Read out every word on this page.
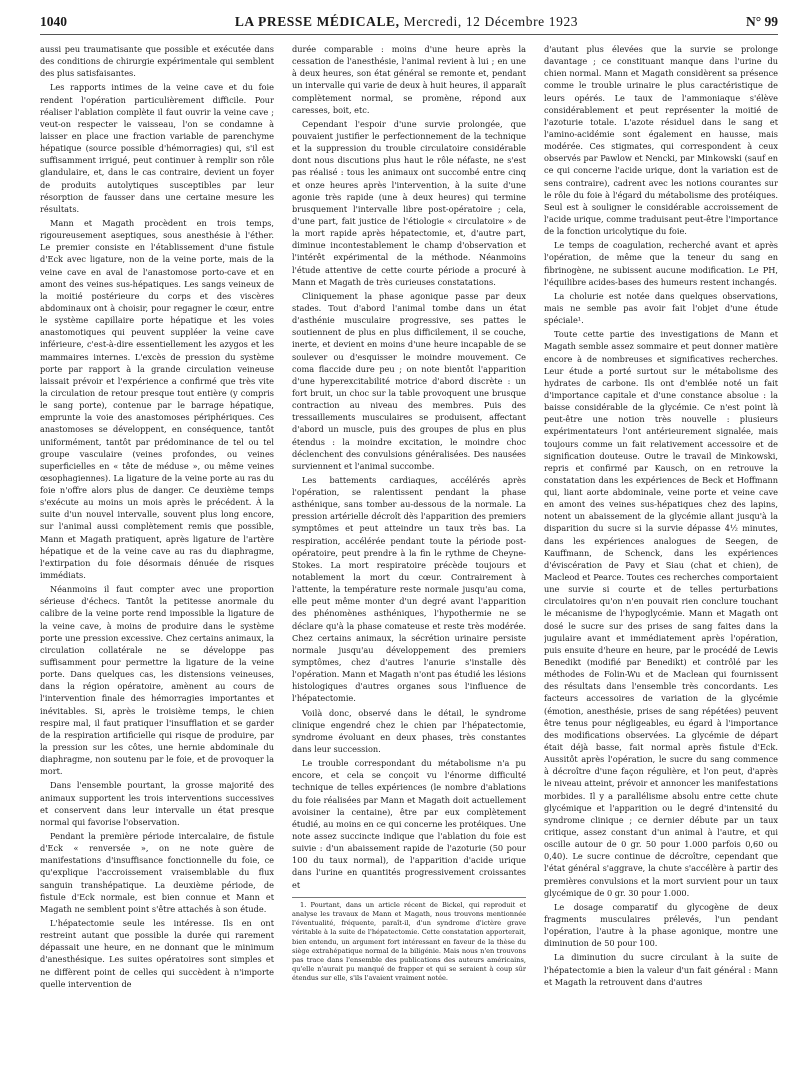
1040	LA PRESSE MÉDICALE, Mercredi, 12 Décembre 1923	N° 99

aussi peu traumatisante que possible et exécutée dans des conditions de chirurgie expérimentale qui semblent des plus satisfaisantes.

Les rapports intimes de la veine cave et du foie rendent l'opération particulièrement difficile. Pour réaliser l'ablation complète il faut ouvrir la veine cave ; veut-on respecter le vaisseau, l'on se condamne à laisser en place une fraction variable de parenchyme hépatique (source possible d'hémorragies) qui, s'il est suffisamment irrigué, peut continuer à remplir son rôle glandulaire, et, dans le cas contraire, devient un foyer de produits autolytiques susceptibles par leur résorption de fausser dans une certaine mesure les résultats.

Mann et Magath procèdent en trois temps, rigoureusement aseptiques, sous anesthésie à l'éther. Le premier consiste en l'établissement d'une fistule d'Eck avec ligature, non de la veine porte, mais de la veine cave en aval de l'anastomose porto-cave et en amont des veines sus-hépatiques. Les sangs veineux de la moitié postérieure du corps et des viscères abdominaux ont à choisir, pour regagner le cœur, entre le système capillaire porte hépatique et les voies anastomotiques qui peuvent suppléer la veine cave inférieure, c'est-à-dire essentiellement les azygos et les mammaires internes. L'excès de pression du système porte par rapport à la grande circulation veineuse laissait prévoir et l'expérience a confirmé que très vite la circulation de retour presque tout entière (y compris le sang porte), contenue par le barrage hépatique, emprunte la voie des anastomoses périphériques. Ces anastomoses se développent, en conséquence, tantôt uniformément, tantôt par prédominance de tel ou tel groupe vasculaire (veines profondes, ou veines superficielles en « tête de méduse », ou même veines œsophagiennes). La ligature de la veine porte au ras du foie n'offre alors plus de danger. Ce deuxième temps s'exécute au moins un mois après le précédent. À la suite d'un nouvel intervalle, souvent plus long encore, sur l'animal aussi complètement remis que possible, Mann et Magath pratiquent, après ligature de l'artère hépatique et de la veine cave au ras du diaphragme, l'extirpation du foie désormais dénuée de risques immédiats.

Néanmoins il faut compter avec une proportion sérieuse d'échecs. Tantôt la petitesse anormale du calibre de la veine porte rend impossible la ligature de la veine cave, à moins de produire dans le système porte une pression excessive. Chez certains animaux, la circulation collatérale ne se développe pas suffisamment pour permettre la ligature de la veine porte. Dans quelques cas, les distensions veineuses, dans la région opératoire, amènent au cours de l'intervention finale des hémorragies importantes et inévitables. Si, après le troisième temps, le chien respire mal, il faut pratiquer l'insufflation et se garder de la respiration artificielle qui risque de produire, par la pression sur les côtes, une hernie abdominale du diaphragme, non soutenu par le foie, et de provoquer la mort.

Dans l'ensemble pourtant, la grosse majorité des animaux supportent les trois interventions successives et conservent dans leur intervalle un état presque normal qui favorise l'observation.

Pendant la première période intercalaire, de fistule d'Eck « renversée », on ne note guère de manifestations d'insuffisance fonctionnelle du foie, ce qu'explique l'accroissement vraisemblable du flux sanguin transhépatique. La deuxième période, de fistule d'Eck normale, est bien connue et Mann et Magath ne semblent point s'être attachés à son étude.

L'hépatectomie seule les intéresse. Ils en ont restreint autant que possible la durée qui rarement dépassait une heure, en ne donnant que le minimum d'anesthésique. Les suites opératoires sont simples et ne diffèrent point de celles qui succèdent à n'importe quelle intervention de

durée comparable : moins d'une heure après la cessation de l'anesthésie, l'animal revient à lui ; en une à deux heures, son état général se remonte et, pendant un intervalle qui varie de deux à huit heures, il apparaît complètement normal, se promène, répond aux caresses, boit, etc.

Cependant l'espoir d'une survie prolongée, que pouvaient justifier le perfectionnement de la technique et la suppression du trouble circulatoire considérable dont nous discutions plus haut le rôle néfaste, ne s'est pas réalisé : tous les animaux ont succombé entre cinq et onze heures après l'intervention, à la suite d'une agonie très rapide (une à deux heures) qui termine brusquement l'intervalle libre post-opératoire ; cela, d'une part, fait justice de l'étiologie « circulatoire » de la mort rapide après hépatectomie, et, d'autre part, diminue incontestablement le champ d'observation et l'intérêt expérimental de la méthode. Néanmoins l'étude attentive de cette courte période a procuré à Mann et Magath de très curieuses constatations.

Cliniquement la phase agonique passe par deux stades. Tout d'abord l'animal tombe dans un état d'asthénie musculaire progressive, ses pattes le soutiennent de plus en plus difficilement, il se couche, inerte, et devient en moins d'une heure incapable de se soulever ou d'esquisser le moindre mouvement. Ce coma flaccide dure peu ; on note bientôt l'apparition d'une hyperexcitabilité motrice d'abord discrète : un fort bruit, un choc sur la table provoquent une brusque contraction au niveau des membres. Puis des tressaillements musculaires se produisent, affectant d'abord un muscle, puis des groupes de plus en plus étendus : la moindre excitation, le moindre choc déclenchent des convulsions généralisées. Des nausées surviennent et l'animal succombe.

Les battements cardiaques, accélérés après l'opération, se ralentissent pendant la phase asthénique, sans tomber au-dessous de la normale. La pression artérielle décroît dès l'apparition des premiers symptômes et peut atteindre un taux très bas. La respiration, accélérée pendant toute la période post-opératoire, peut prendre à la fin le rythme de Cheyne-Stokes. La mort respiratoire précède toujours et notablement la mort du cœur. Contrairement à l'attente, la température reste normale jusqu'au coma, elle peut même monter d'un degré avant l'apparition des phénomènes asthéniques, l'hypothermie ne se déclare qu'à la phase comateuse et reste très modérée. Chez certains animaux, la sécrétion urinaire persiste normale jusqu'au développement des premiers symptômes, chez d'autres l'anurie s'installe dès l'opération. Mann et Magath n'ont pas étudié les lésions histologiques d'autres organes sous l'influence de l'hépatectomie.

Voilà donc, observé dans le détail, le syndrome clinique engendré chez le chien par l'hépatectomie, syndrome évoluant en deux phases, très constantes dans leur succession.

Le trouble correspondant du métabolisme n'a pu encore, et cela se conçoit vu l'énorme difficulté technique de telles expériences (le nombre d'ablations du foie réalisées par Mann et Magath doit actuellement avoisiner la centaine), être par eux complètement étudié, au moins en ce qui concerne les protéiques. Une note assez succincte indique que l'ablation du foie est suivie : d'un abaissement rapide de l'azoturie (50 pour 100 du taux normal), de l'apparition d'acide urique dans l'urine en quantités progressivement croissantes et

1. Pourtant, dans un article récent de Bickel, qui reproduit et analyse les travaux de Mann et Magath, nous trouvons mentionnée l'éventualité, fréquente, paraît-il, d'un syndrome d'ictère grave véritable à la suite de l'hépatectomie. Cette constatation apporterait, bien entendu, un argument fort intéressant en faveur de la thèse du siège extrahépatique normal de la biligénie. Mais nous n'en trouvons pas trace dans l'ensemble des publications des auteurs américains, qu'elle n'aurait pu manqué de frapper et qui se seraient à coup sûr étendus sur elle, s'ils l'avaient vraiment notée.

d'autant plus élevées que la survie se prolonge davantage ; ce constituant manque dans l'urine du chien normal. Mann et Magath considèrent sa présence comme le trouble urinaire le plus caractéristique de leurs opérés. Le taux de l'ammoniaque s'élève considérablement et peut représenter la moitié de l'azoturie totale. L'azote résiduel dans le sang et l'amino-acidémie sont également en hausse, mais modérée. Ces stigmates, qui correspondent à ceux observés par Pawlow et Nencki, par Minkowski (sauf en ce qui concerne l'acide urique, dont la variation est de sens contraire), cadrent avec les notions courantes sur le rôle du foie à l'égard du métabolisme des protéiques. Seul est à souligner le considérable accroissement de l'acide urique, comme traduisant peut-être l'importance de la fonction uricolytique du foie.

Le temps de coagulation, recherché avant et après l'opération, de même que la teneur du sang en fibrinogène, ne subissent aucune modification. Le PH, l'équilibre acides-bases des humeurs restent inchangés.

La cholurie est notée dans quelques observations, mais ne semble pas avoir fait l'objet d'une étude spéciale¹.

Toute cette partie des investigations de Mann et Magath semble assez sommaire et peut donner matière encore à de nombreuses et significatives recherches. Leur étude a porté surtout sur le métabolisme des hydrates de carbone. Ils ont d'emblée noté un fait d'importance capitale et d'une constance absolue : la baisse considérable de la glycémie. Ce n'est point là peut-être une notion très nouvelle : plusieurs expérimentateurs l'ont antérieurement signalée, mais toujours comme un fait relativement accessoire et de signification douteuse. Outre le travail de Minkowski, repris et confirmé par Kausch, on en retrouve la constatation dans les expériences de Beck et Hoffmann qui, liant aorte abdominale, veine porte et veine cave en amont des veines sus-hépatiques chez des lapins, notent un abaissement de la glycémie allant jusqu'à la disparition du sucre si la survie dépasse 4½ minutes, dans les expériences analogues de Seegen, de Kauffmann, de Schenck, dans les expériences d'éviscération de Pavy et Siau (chat et chien), de Macleod et Pearce. Toutes ces recherches comportaient une survie si courte et de telles perturbations circulatoires qu'on n'en pouvait rien conclure touchant le mécanisme de l'hypoglycémie. Mann et Magath ont dosé le sucre sur des prises de sang faites dans la jugulaire avant et immédiatement après l'opération, puis ensuite d'heure en heure, par le procédé de Lewis Benedikt (modifié par Benedikt) et contrôlé par les méthodes de Folin-Wu et de Maclean qui fournissent des résultats dans l'ensemble très concordants. Les facteurs accessoires de variation de la glycémie (émotion, anesthésie, prises de sang répétées) peuvent être tenus pour négligeables, eu égard à l'importance des modifications observées. La glycémie de départ était déjà basse, fait normal après fistule d'Eck. Aussitôt après l'opération, le sucre du sang commence à décroître d'une façon régulière, et l'on peut, d'après le niveau atteint, prévoir et annoncer les manifestations morbides. Il y a parallélisme absolu entre cette chute glycémique et l'apparition ou le degré d'intensité du syndrome clinique ; ce dernier débute par un taux critique, assez constant d'un animal à l'autre, et qui oscille autour de 0 gr. 50 pour 1.000 parfois 0,60 ou 0,40). Le sucre continue de décroître, cependant que l'état général s'aggrave, la chute s'accélère à partir des premières convulsions et la mort survient pour un taux glycémique de 0 gr. 30 pour 1.000.

Le dosage comparatif du glycogène de deux fragments musculaires prélevés, l'un pendant l'opération, l'autre à la phase agonique, montre une diminution de 50 pour 100.

La diminution du sucre circulant à la suite de l'hépatectomie a bien la valeur d'un fait général : Mann et Magath la retrouvent dans d'autres
